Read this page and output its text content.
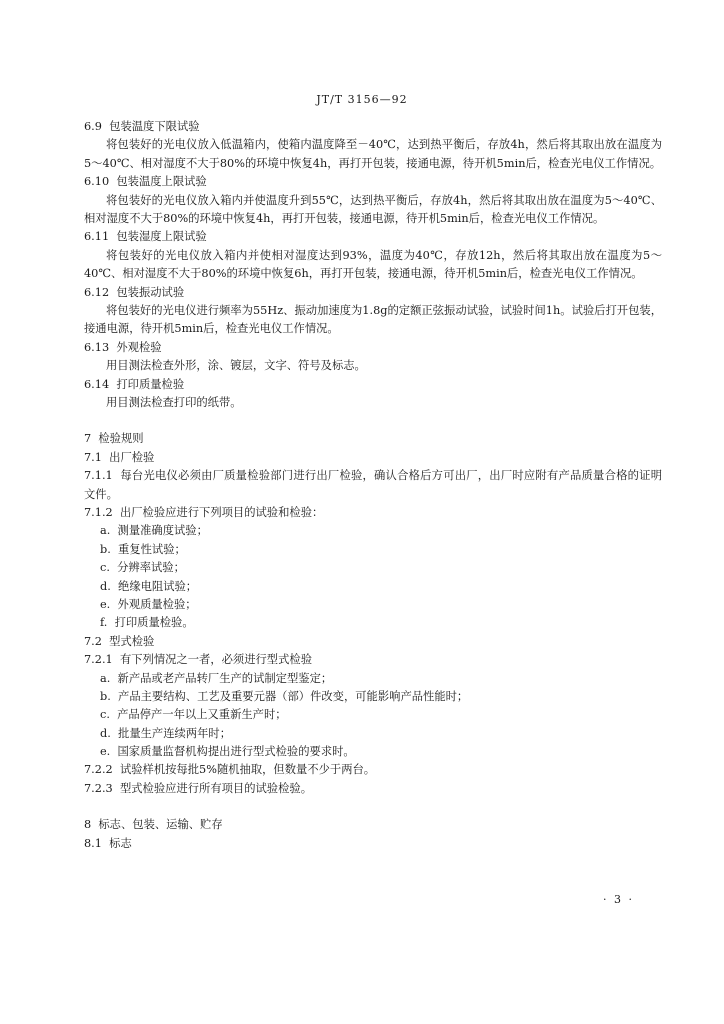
JT/T 3156—92
6.9 包装温度下限试验
将包装好的光电仪放入低温箱内，使箱内温度降至－40℃，达到热平衡后，存放4h，然后将其取出放在温度为5～40℃、相对湿度不大于80%的环境中恢复4h，再打开包装，接通电源，待开机5min后，检查光电仪工作情况。
6.10 包装温度上限试验
将包装好的光电仪放入箱内并使温度升到55℃，达到热平衡后，存放4h，然后将其取出放在温度为5～40℃、相对湿度不大于80%的环境中恢复4h，再打开包装，接通电源，待开机5min后，检查光电仪工作情况。
6.11 包装湿度上限试验
将包装好的光电仪放入箱内并使相对湿度达到93%，温度为40℃，存放12h，然后将其取出放在温度为5～40℃、相对湿度不大于80%的环境中恢复6h，再打开包装，接通电源，待开机5min后，检查光电仪工作情况。
6.12 包装振动试验
将包装好的光电仪进行频率为55Hz、振动加速度为1.8g的定额正弦振动试验，试验时间1h。试验后打开包装，接通电源，待开机5min后，检查光电仪工作情况。
6.13 外观检验
用目测法检查外形，涂、镀层，文字、符号及标志。
6.14 打印质量检验
用目测法检查打印的纸带。
7 检验规则
7.1 出厂检验
7.1.1 每台光电仪必须由厂质量检验部门进行出厂检验，确认合格后方可出厂，出厂时应附有产品质量合格的证明文件。
7.1.2 出厂检验应进行下列项目的试验和检验：
a. 测量准确度试验；
b. 重复性试验；
c. 分辨率试验；
d. 绝缘电阻试验；
e. 外观质量检验；
f. 打印质量检验。
7.2 型式检验
7.2.1 有下列情况之一者，必须进行型式检验
a. 新产品或老产品转厂生产的试制定型鉴定；
b. 产品主要结构、工艺及重要元器（部）件改变，可能影响产品性能时；
c. 产品停产一年以上又重新生产时；
d. 批量生产连续两年时；
e. 国家质量监督机构提出进行型式检验的要求时。
7.2.2 试验样机按每批5%随机抽取，但数量不少于两台。
7.2.3 型式检验应进行所有项目的试验检验。
8 标志、包装、运输、贮存
8.1 标志
· 3 ·
